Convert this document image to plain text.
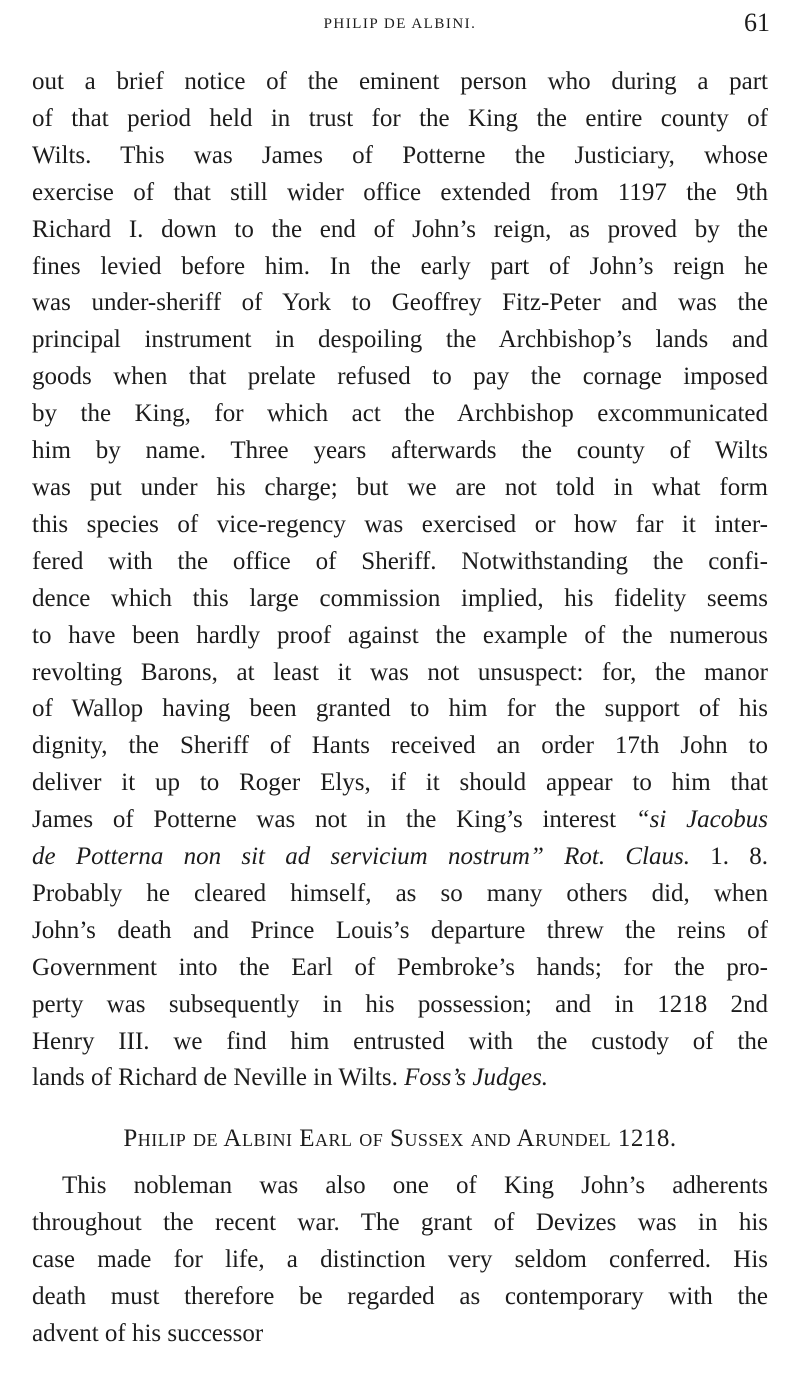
PHILIP DE ALBINI.	61
out a brief notice of the eminent person who during a part
of that period held in trust for the King the entire county of
Wilts. This was James of Potterne the Justiciary, whose
exercise of that still wider office extended from 1197 the 9th
Richard I. down to the end of John’s reign, as proved by the
fines levied before him. In the early part of John’s reign he
was under-sheriff of York to Geoffrey Fitz-Peter and was the
principal instrument in despoiling the Archbishop’s lands and
goods when that prelate refused to pay the cornage imposed
by the King, for which act the Archbishop excommunicated
him by name. Three years afterwards the county of Wilts
was put under his charge; but we are not told in what form
this species of vice-regency was exercised or how far it inter-
fered with the office of Sheriff. Notwithstanding the confi-
dence which this large commission implied, his fidelity seems
to have been hardly proof against the example of the numerous
revolting Barons, at least it was not unsuspect: for, the manor
of Wallop having been granted to him for the support of his
dignity, the Sheriff of Hants received an order 17th John to
deliver it up to Roger Elys, if it should appear to him that
James of Potterne was not in the King’s interest “si Jacobus
de Potterna non sit ad servicium nostrum” Rot. Claus. 1. 8.
Probably he cleared himself, as so many others did, when
John’s death and Prince Louis’s departure threw the reins of
Government into the Earl of Pembroke’s hands; for the pro-
perty was subsequently in his possession; and in 1218 2nd
Henry III. we find him entrusted with the custody of the
lands of Richard de Neville in Wilts. Foss’s Judges.
Philip de Albini Earl of Sussex and Arundel 1218.
This nobleman was also one of King John’s adherents
throughout the recent war. The grant of Devizes was in his
case made for life, a distinction very seldom conferred. His
death must therefore be regarded as contemporary with the
advent of his successor
